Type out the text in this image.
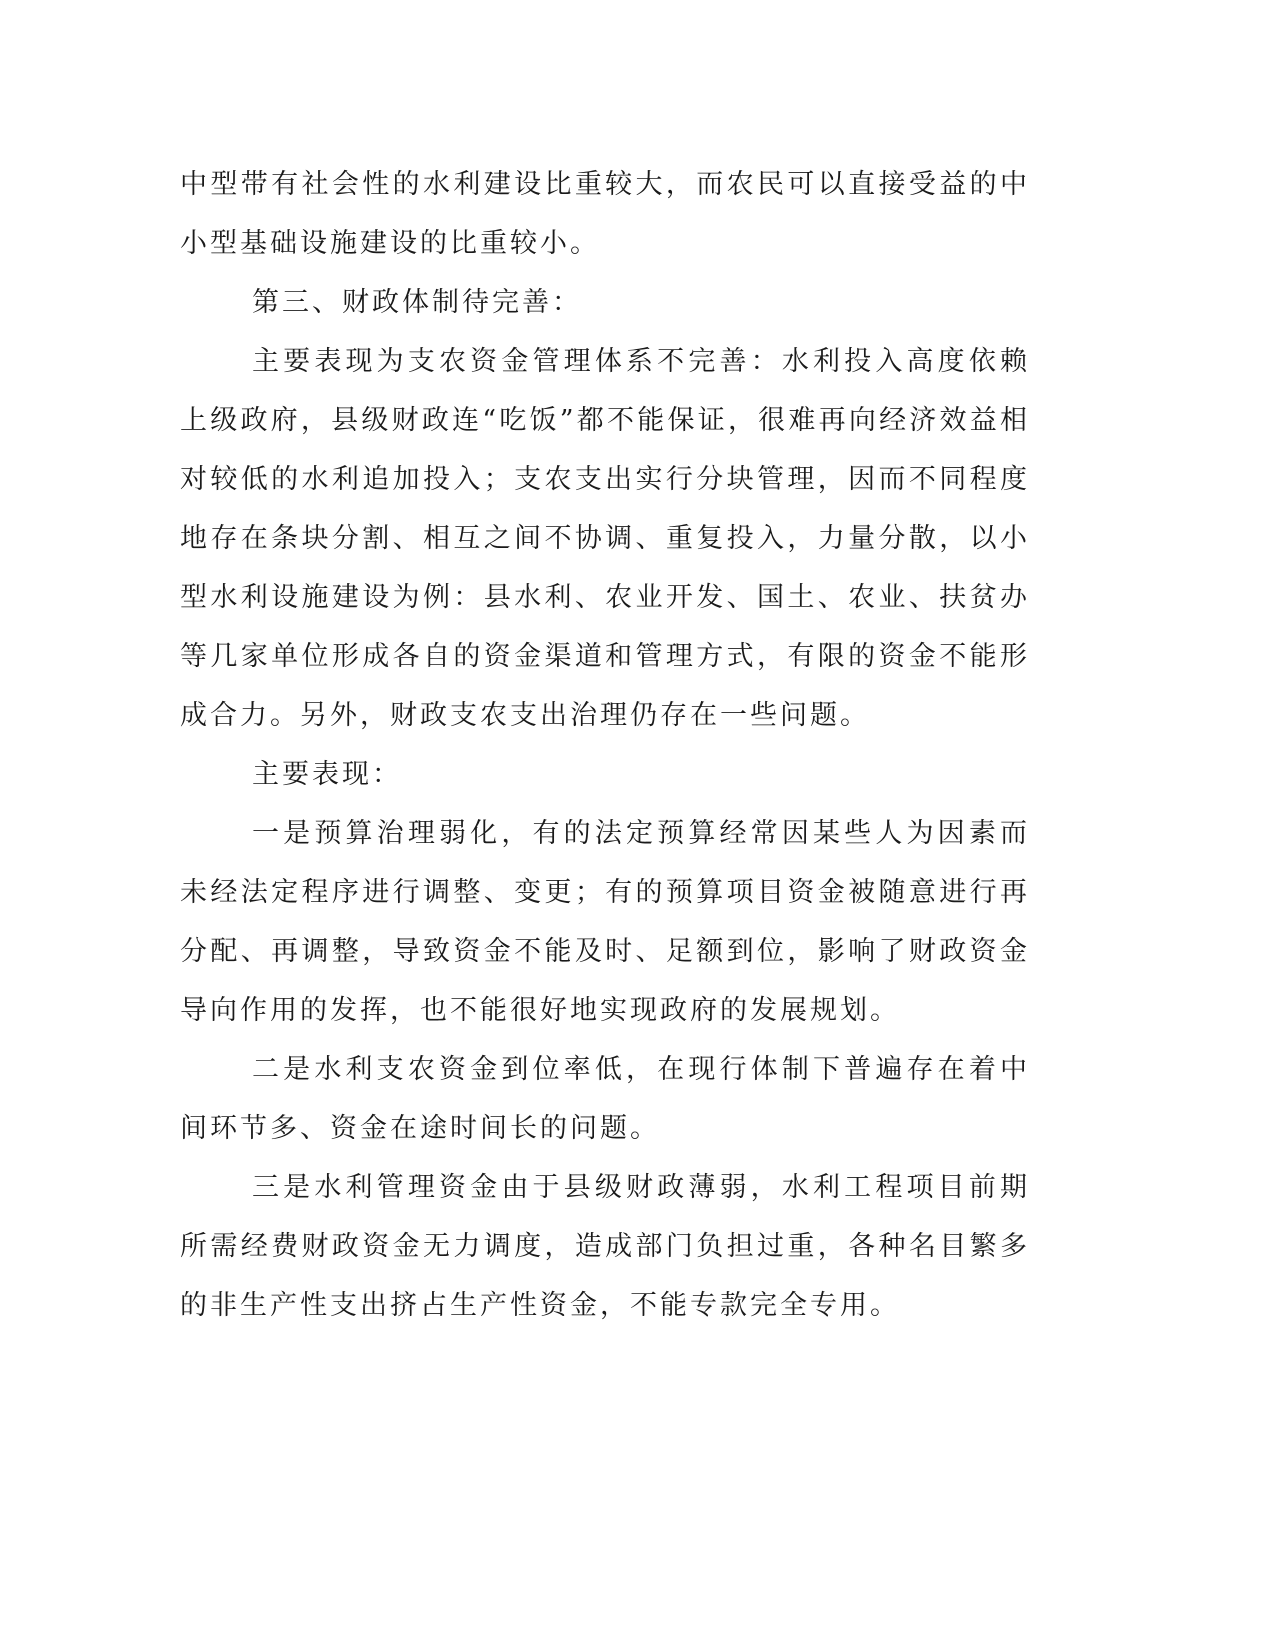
中型带有社会性的水利建设比重较大，而农民可以直接受益的中小型基础设施建设的比重较小。

第三、财政体制待完善：

主要表现为支农资金管理体系不完善：水利投入高度依赖上级政府，县级财政连“吃饭”都不能保证，很难再向经济效益相对较低的水利追加投入；支农支出实行分块管理，因而不同程度地存在条块分割、相互之间不协调、重复投入，力量分散，以小型水利设施建设为例：县水利、农业开发、国土、农业、扶贫办等几家单位形成各自的资金渠道和管理方式，有限的资金不能形成合力。另外，财政支农支出治理仍存在一些问题。

主要表现：

一是预算治理弱化，有的法定预算经常因某些人为因素而未经法定程序进行调整、变更；有的预算项目资金被随意进行再分配、再调整，导致资金不能及时、足额到位，影响了财政资金导向作用的发挥，也不能很好地实现政府的发展规划。

二是水利支农资金到位率低，在现行体制下普遍存在着中间环节多、资金在途时间长的问题。

三是水利管理资金由于县级财政薄弱，水利工程项目前期所需经费财政资金无力调度，造成部门负担过重，各种名目繁多的非生产性支出挤占生产性资金，不能专款完全专用。
